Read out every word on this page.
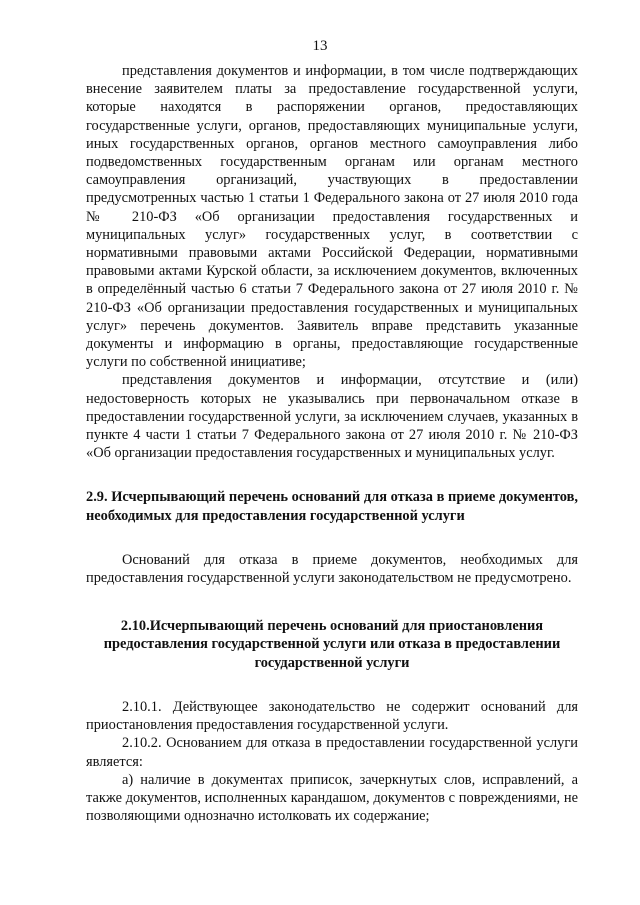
13

представления документов и информации, в том числе подтверждающих внесение заявителем платы за предоставление государственной услуги, которые находятся в распоряжении органов, предоставляющих государственные услуги, органов, предоставляющих муниципальные услуги, иных государственных органов, органов местного самоуправления либо подведомственных государственным органам или органам местного самоуправления организаций, участвующих в предоставлении предусмотренных частью 1 статьи 1 Федерального закона от 27 июля 2010 года № 210-ФЗ «Об организации предоставления государственных и муниципальных услуг» государственных услуг, в соответствии с нормативными правовыми актами Российской Федерации, нормативными правовыми актами Курской области, за исключением документов, включенных в определённый частью 6 статьи 7 Федерального закона от 27 июля 2010 г. № 210-ФЗ «Об организации предоставления государственных и муниципальных услуг» перечень документов. Заявитель вправе представить указанные документы и информацию в органы, предоставляющие государственные услуги по собственной инициативе;

представления документов и информации, отсутствие и (или) недостоверность которых не указывались при первоначальном отказе в предоставлении государственной услуги, за исключением случаев, указанных в пункте 4 части 1 статьи 7 Федерального закона от 27 июля 2010 г. № 210-ФЗ «Об организации предоставления государственных и муниципальных услуг.

2.9. Исчерпывающий перечень оснований для отказа в приеме документов, необходимых для предоставления государственной услуги

Оснований для отказа в приеме документов, необходимых для предоставления государственной услуги законодательством не предусмотрено.

2.10.Исчерпывающий перечень оснований для приостановления предоставления государственной услуги или отказа в предоставлении государственной услуги

2.10.1. Действующее законодательство не содержит оснований для приостановления предоставления государственной услуги.

2.10.2. Основанием для отказа в предоставлении государственной услуги является:

а) наличие в документах приписок, зачеркнутых слов, исправлений, а также документов, исполненных карандашом, документов с повреждениями, не позволяющими однозначно истолковать их содержание;
